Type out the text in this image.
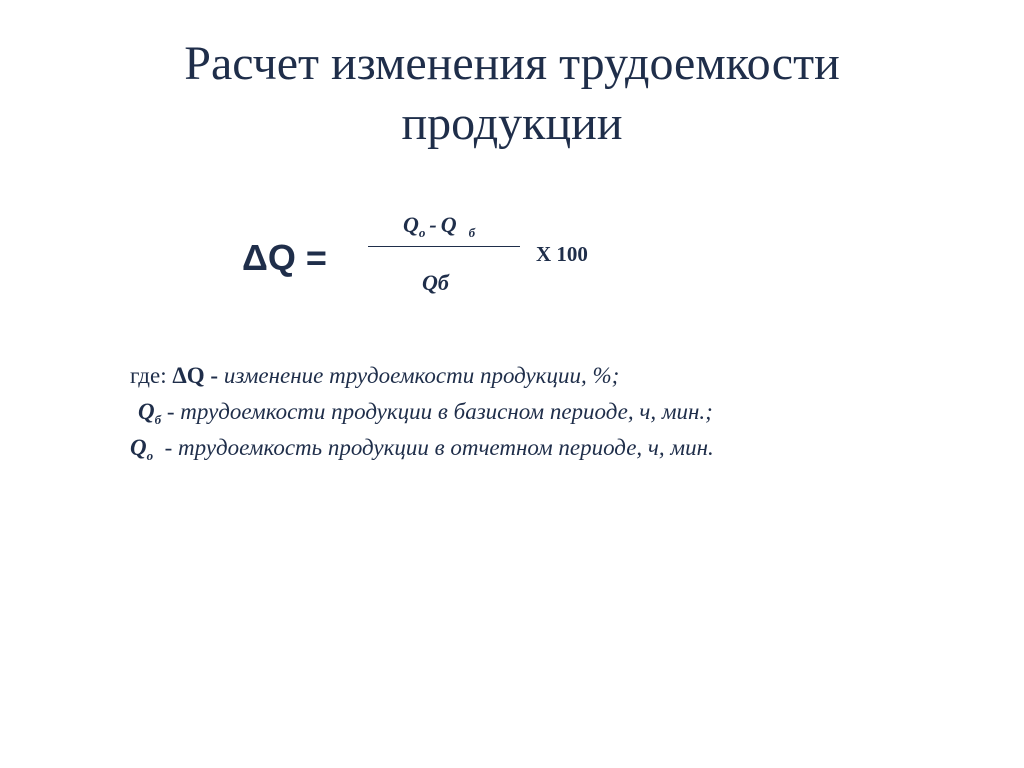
Расчет изменения трудоемкости
продукции
ΔQ =
$Q_о$ - Q $_б$
Qб
Х 100
где: ΔQ - изменение трудоемкости продукции, %;
$Q_б$ - трудоемкости продукции в базисном периоде, ч, мин.;
$Q_о$  - трудоемкость продукции в отчетном периоде, ч, мин.
